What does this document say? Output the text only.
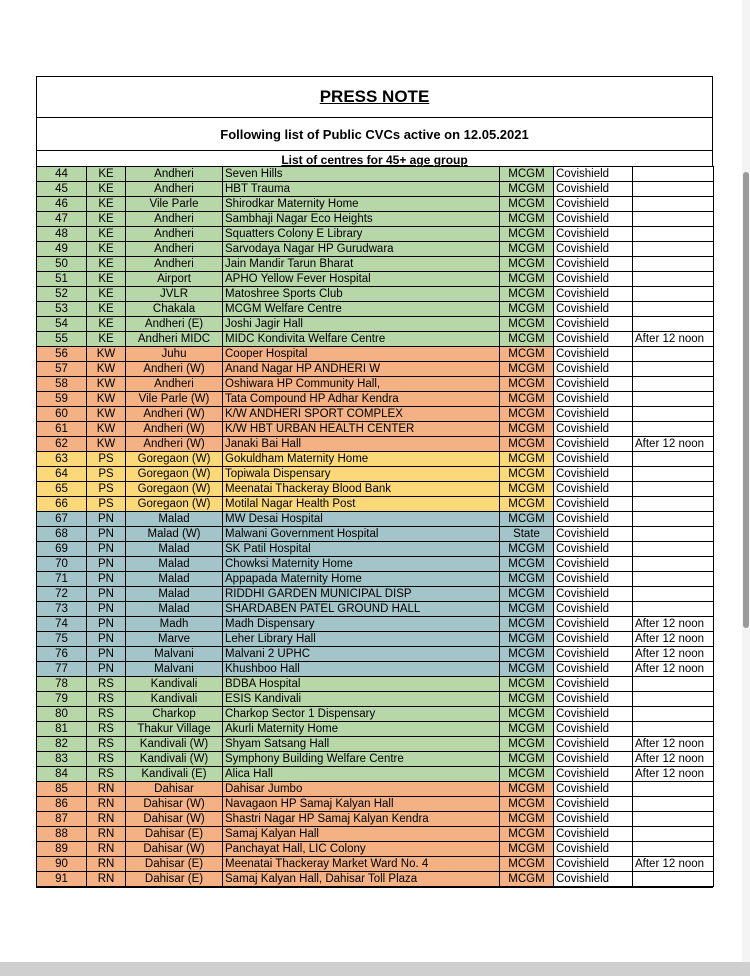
PRESS NOTE
Following list of Public CVCs active on 12.05.2021
List of centres for 45+ age group
44	KE	Andheri	Seven Hills	MCGM	Covishield	
45	KE	Andheri	HBT Trauma	MCGM	Covishield	
46	KE	Vile Parle	Shirodkar Maternity Home	MCGM	Covishield	
47	KE	Andheri	Sambhaji Nagar Eco Heights	MCGM	Covishield	
48	KE	Andheri	Squatters Colony E Library	MCGM	Covishield	
49	KE	Andheri	Sarvodaya Nagar HP Gurudwara	MCGM	Covishield	
50	KE	Andheri	Jain Mandir Tarun Bharat	MCGM	Covishield	
51	KE	Airport	APHO Yellow Fever Hospital	MCGM	Covishield	
52	KE	JVLR	Matoshree Sports Club	MCGM	Covishield	
53	KE	Chakala	MCGM Welfare Centre	MCGM	Covishield	
54	KE	Andheri (E)	Joshi Jagir Hall	MCGM	Covishield	
55	KE	Andheri MIDC	MIDC Kondivita Welfare Centre	MCGM	Covishield	After 12 noon
56	KW	Juhu	Cooper Hospital	MCGM	Covishield	
57	KW	Andheri (W)	Anand Nagar HP ANDHERI W	MCGM	Covishield	
58	KW	Andheri	Oshiwara HP Community Hall,	MCGM	Covishield	
59	KW	Vile Parle (W)	Tata Compound HP Adhar Kendra	MCGM	Covishield	
60	KW	Andheri (W)	K/W ANDHERI SPORT COMPLEX	MCGM	Covishield	
61	KW	Andheri (W)	K/W HBT URBAN HEALTH CENTER	MCGM	Covishield	
62	KW	Andheri (W)	Janaki Bai Hall	MCGM	Covishield	After 12 noon
63	PS	Goregaon (W)	Gokuldham Maternity Home	MCGM	Covishield	
64	PS	Goregaon (W)	Topiwala Dispensary	MCGM	Covishield	
65	PS	Goregaon (W)	Meenatai Thackeray Blood Bank	MCGM	Covishield	
66	PS	Goregaon (W)	Motilal Nagar Health Post	MCGM	Covishield	
67	PN	Malad	MW Desai Hospital	MCGM	Covishield	
68	PN	Malad (W)	Malwani Government Hospital	State	Covishield	
69	PN	Malad	SK Patil Hospital	MCGM	Covishield	
70	PN	Malad	Chowksi Maternity Home	MCGM	Covishield	
71	PN	Malad	Appapada Maternity Home	MCGM	Covishield	
72	PN	Malad	RIDDHI GARDEN MUNICIPAL DISP	MCGM	Covishield	
73	PN	Malad	SHARDABEN PATEL GROUND HALL	MCGM	Covishield	
74	PN	Madh	Madh Dispensary	MCGM	Covishield	After 12 noon
75	PN	Marve	Leher Library Hall	MCGM	Covishield	After 12 noon
76	PN	Malvani	Malvani 2 UPHC	MCGM	Covishield	After 12 noon
77	PN	Malvani	Khushboo Hall	MCGM	Covishield	After 12 noon
78	RS	Kandivali	BDBA Hospital	MCGM	Covishield	
79	RS	Kandivali	ESIS Kandivali	MCGM	Covishield	
80	RS	Charkop	Charkop Sector 1 Dispensary	MCGM	Covishield	
81	RS	Thakur Village	Akurli Maternity Home	MCGM	Covishield	
82	RS	Kandivali (W)	Shyam Satsang Hall	MCGM	Covishield	After 12 noon
83	RS	Kandivali (W)	Symphony Building Welfare Centre	MCGM	Covishield	After 12 noon
84	RS	Kandivali (E)	Alica Hall	MCGM	Covishield	After 12 noon
85	RN	Dahisar	Dahisar Jumbo	MCGM	Covishield	
86	RN	Dahisar (W)	Navagaon HP Samaj Kalyan Hall	MCGM	Covishield	
87	RN	Dahisar (W)	Shastri Nagar HP Samaj Kalyan Kendra	MCGM	Covishield	
88	RN	Dahisar (E)	Samaj Kalyan Hall	MCGM	Covishield	
89	RN	Dahisar (W)	Panchayat Hall, LIC Colony	MCGM	Covishield	
90	RN	Dahisar (E)	Meenatai Thackeray Market Ward No. 4	MCGM	Covishield	After 12 noon
91	RN	Dahisar (E)	Samaj Kalyan Hall, Dahisar Toll Plaza	MCGM	Covishield	
